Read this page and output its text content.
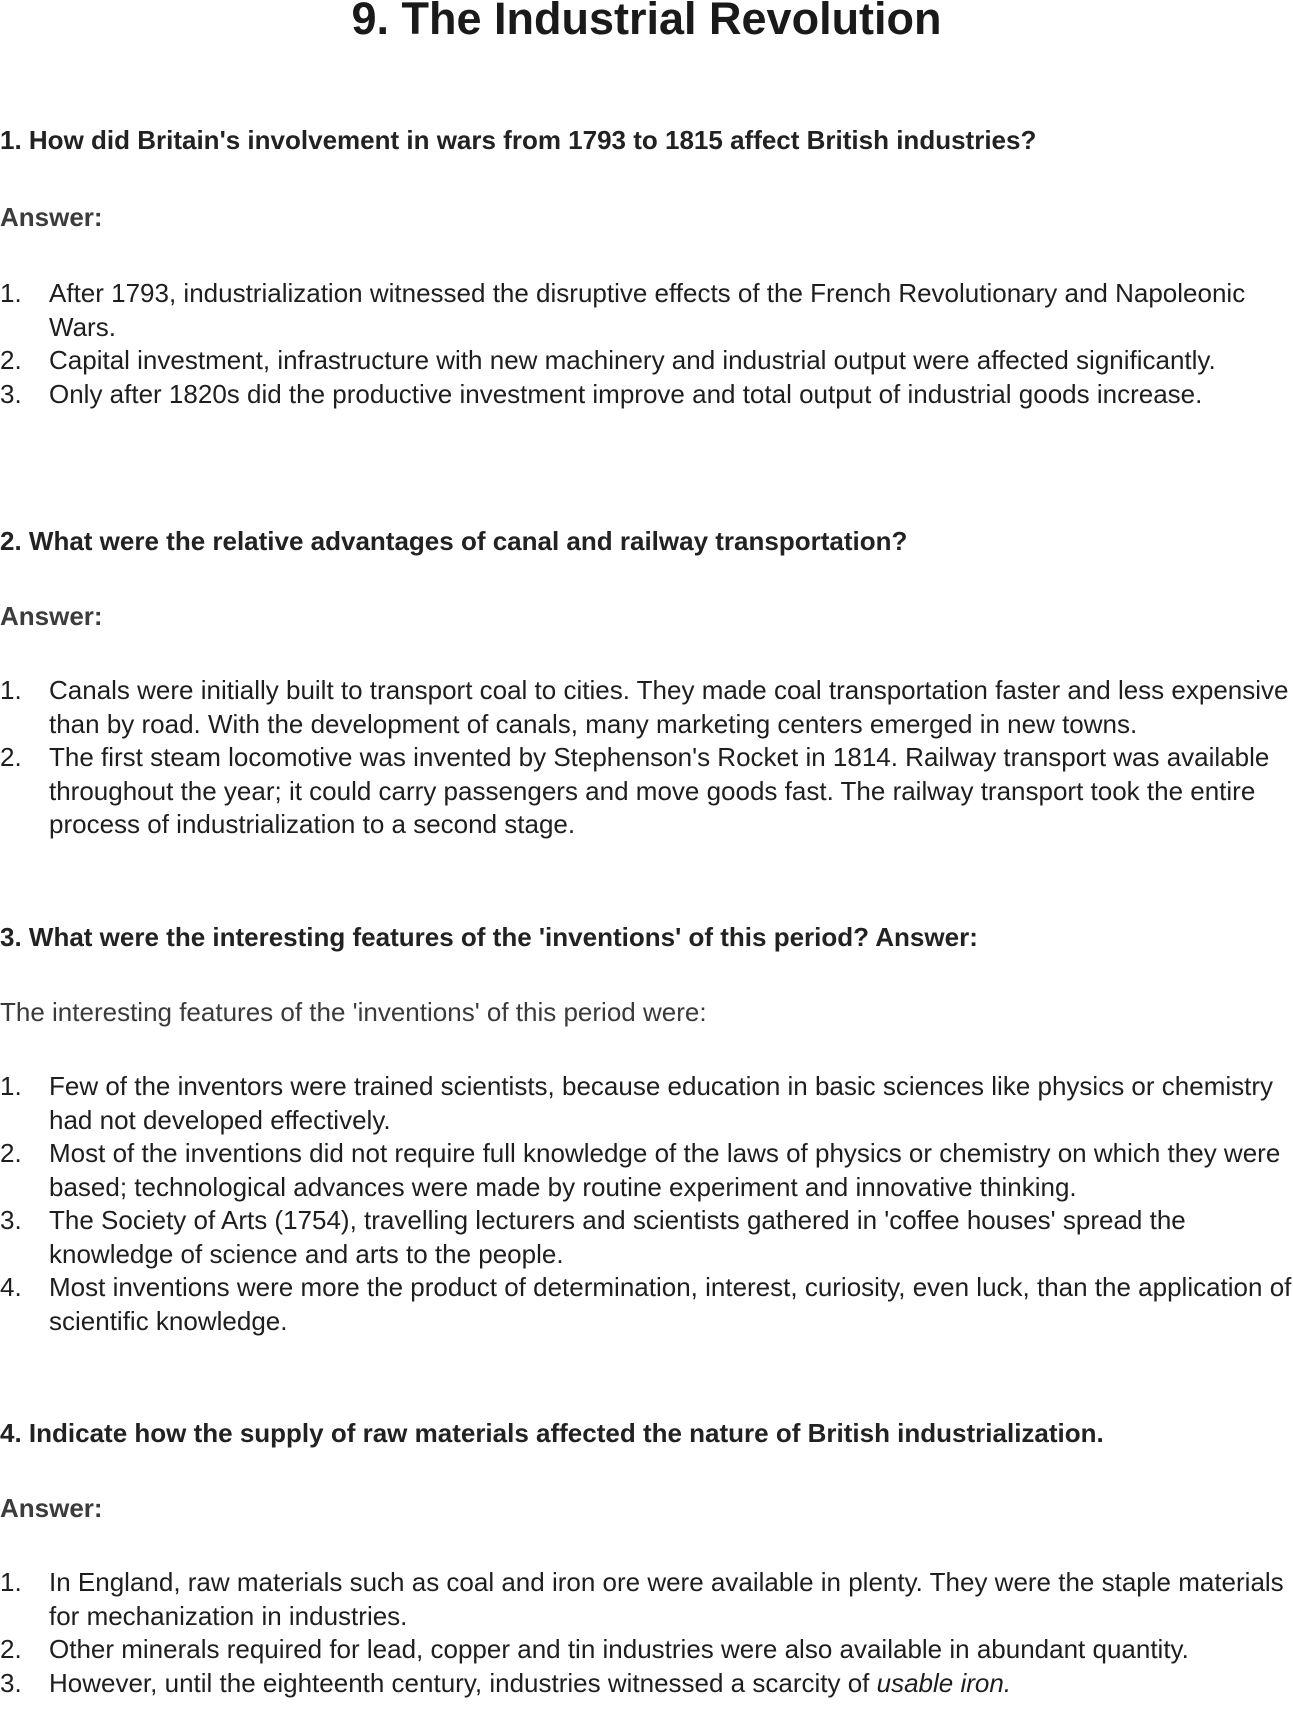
9. The Industrial Revolution

1. How did Britain's involvement in wars from 1793 to 1815 affect British industries?

Answer:

1. After 1793, industrialization witnessed the disruptive effects of the French Revolutionary and Napoleonic Wars.
2. Capital investment, infrastructure with new machinery and industrial output were affected significantly.
3. Only after 1820s did the productive investment improve and total output of industrial goods increase.

2. What were the relative advantages of canal and railway transportation?

Answer:

1. Canals were initially built to transport coal to cities. They made coal transportation faster and less expensive than by road. With the development of canals, many marketing centers emerged in new towns.
2. The first steam locomotive was invented by Stephenson's Rocket in 1814. Railway transport was available throughout the year; it could carry passengers and move goods fast. The railway transport took the entire process of industrialization to a second stage.

3. What were the interesting features of the 'inventions' of this period? Answer:

The interesting features of the 'inventions' of this period were:

1. Few of the inventors were trained scientists, because education in basic sciences like physics or chemistry had not developed effectively.
2. Most of the inventions did not require full knowledge of the laws of physics or chemistry on which they were based; technological advances were made by routine experiment and innovative thinking.
3. The Society of Arts (1754), travelling lecturers and scientists gathered in 'coffee houses' spread the knowledge of science and arts to the people.
4. Most inventions were more the product of determination, interest, curiosity, even luck, than the application of scientific knowledge.

4. Indicate how the supply of raw materials affected the nature of British industrialization.

Answer:

1. In England, raw materials such as coal and iron ore were available in plenty. They were the staple materials for mechanization in industries.
2. Other minerals required for lead, copper and tin industries were also available in abundant quantity.
3. However, until the eighteenth century, industries witnessed a scarcity of usable iron.
